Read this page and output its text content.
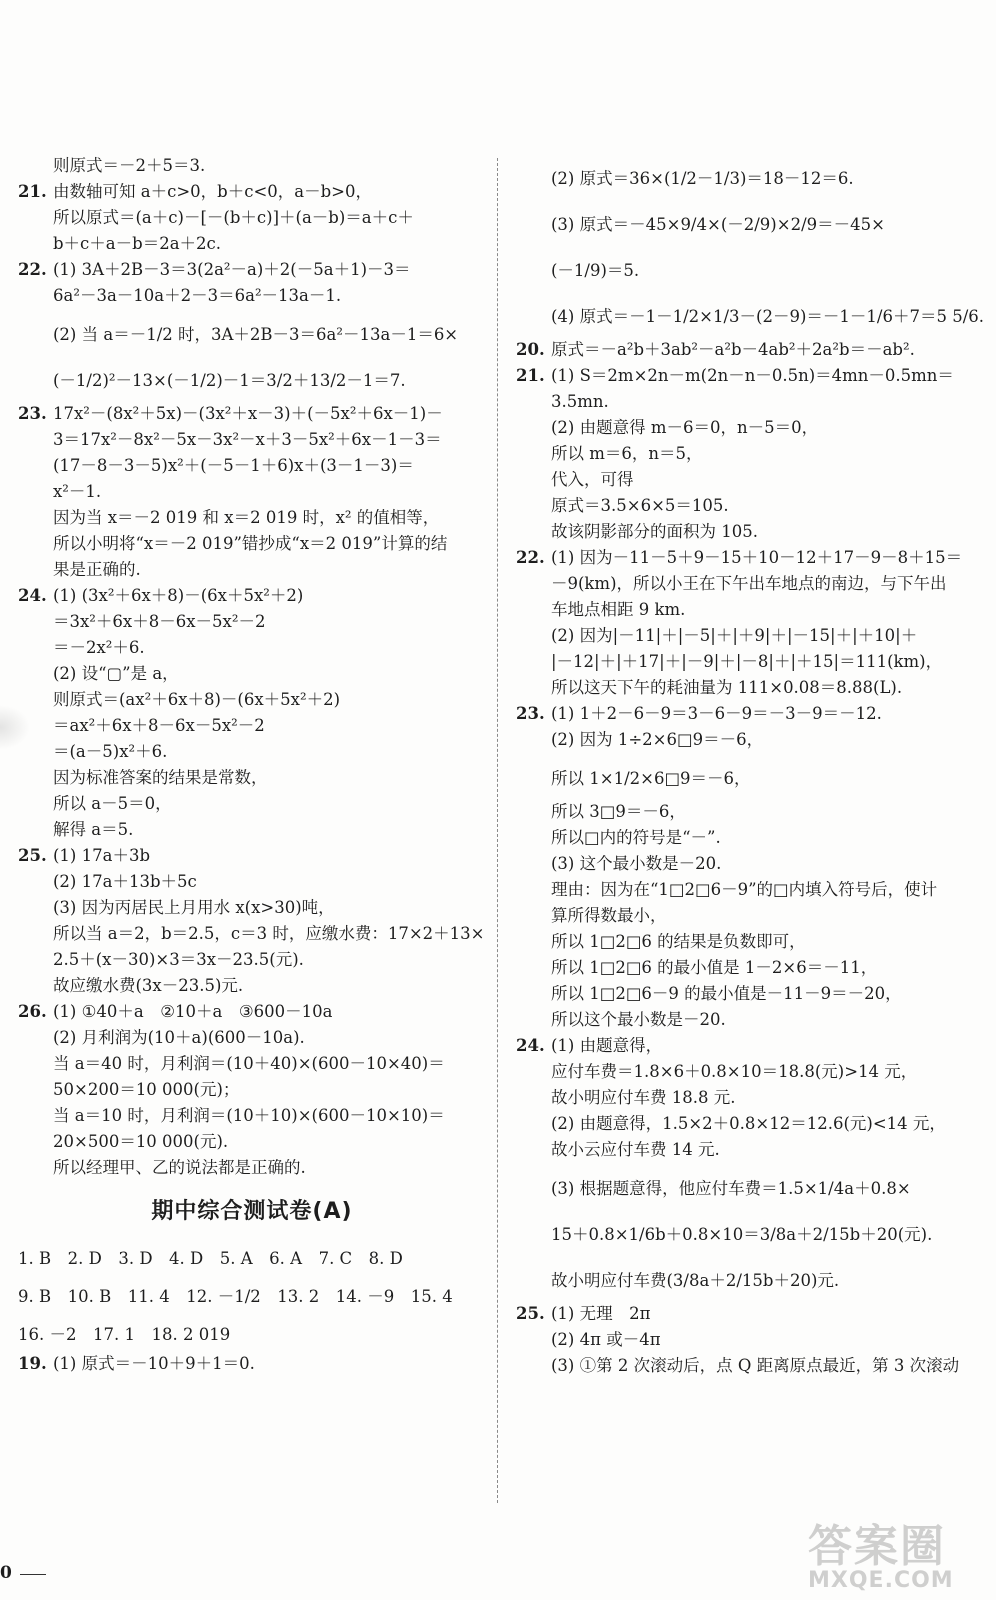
则原式＝－2＋5＝3.
21. 由数轴可知 a＋c>0，b＋c<0，a－b>0，
所以原式＝(a＋c)－[－(b＋c)]＋(a－b)＝a＋c＋
b＋c＋a－b＝2a＋2c.
22. (1) 3A＋2B－3＝3(2a²－a)＋2(－5a＋1)－3＝
6a²－3a－10a＋2－3＝6a²－13a－1.
(2) 当 a＝－1/2 时，3A＋2B－3＝6a²－13a－1＝6×
(－1/2)²－13×(－1/2)－1＝3/2＋13/2－1＝7.
23. 17x²－(8x²＋5x)－(3x²＋x－3)＋(－5x²＋6x－1)－
3＝17x²－8x²－5x－3x²－x＋3－5x²＋6x－1－3＝
(17－8－3－5)x²＋(－5－1＋6)x＋(3－1－3)＝
x²－1.
因为当 x＝－2 019 和 x＝2 019 时，x² 的值相等，
所以小明将“x＝－2 019”错抄成“x＝2 019”计算的结
果是正确的.
24. (1) (3x²＋6x＋8)－(6x＋5x²＋2)
＝3x²＋6x＋8－6x－5x²－2
＝－2x²＋6.
(2) 设“▢”是 a，
则原式＝(ax²＋6x＋8)－(6x＋5x²＋2)
＝ax²＋6x＋8－6x－5x²－2
＝(a－5)x²＋6.
因为标准答案的结果是常数，
所以 a－5＝0，
解得 a＝5.
25. (1) 17a＋3b
(2) 17a＋13b＋5c
(3) 因为丙居民上月用水 x(x>30)吨，
所以当 a＝2，b＝2.5，c＝3 时，应缴水费：17×2＋13×
2.5＋(x－30)×3＝3x－23.5(元).
故应缴水费(3x－23.5)元.
26. (1) ①40＋a　②10＋a　③600－10a
(2) 月利润为(10＋a)(600－10a).
当 a＝40 时，月利润＝(10＋40)×(600－10×40)＝
50×200＝10 000(元)；
当 a＝10 时，月利润＝(10＋10)×(600－10×10)＝
20×500＝10 000(元).
所以经理甲、乙的说法都是正确的.
期中综合测试卷(A)
1. B　2. D　3. D　4. D　5. A　6. A　7. C　8. D
9. B　10. B　11. 4　12. －1/2　13. 2　14. －9　15. 4
16. －2　17. 1　18. 2 019
19. (1) 原式＝－10＋9＋1＝0.
(2) 原式＝36×(1/2－1/3)＝18－12＝6.
(3) 原式＝－45×9/4×(－2/9)×2/9＝－45×
(－1/9)＝5.
(4) 原式＝－1－1/2×1/3－(2－9)＝－1－1/6＋7＝5 5/6.
20. 原式＝－a²b＋3ab²－a²b－4ab²＋2a²b＝－ab².
21. (1) S＝2m×2n－m(2n－n－0.5n)＝4mn－0.5mn＝
3.5mn.
(2) 由题意得 m－6＝0，n－5＝0，
所以 m＝6，n＝5，
代入，可得
原式＝3.5×6×5＝105.
故该阴影部分的面积为 105.
22. (1) 因为－11－5＋9－15＋10－12＋17－9－8＋15＝
－9(km)，所以小王在下午出车地点的南边，与下午出
车地点相距 9 km.
(2) 因为|－11|＋|－5|＋|＋9|＋|－15|＋|＋10|＋
|－12|＋|＋17|＋|－9|＋|－8|＋|＋15|＝111(km)，
所以这天下午的耗油量为 111×0.08＝8.88(L).
23. (1) 1＋2－6－9＝3－6－9＝－3－9＝－12.
(2) 因为 1÷2×6□9＝－6，
所以 1×1/2×6□9＝－6，
所以 3□9＝－6，
所以□内的符号是“－”.
(3) 这个最小数是－20.
理由：因为在“1□2□6－9”的□内填入符号后，使计
算所得数最小，
所以 1□2□6 的结果是负数即可，
所以 1□2□6 的最小值是 1－2×6＝－11，
所以 1□2□6－9 的最小值是－11－9＝－20，
所以这个最小数是－20.
24. (1) 由题意得，
应付车费＝1.8×6＋0.8×10＝18.8(元)>14 元，
故小明应付车费 18.8 元.
(2) 由题意得，1.5×2＋0.8×12＝12.6(元)<14 元，
故小云应付车费 14 元.
(3) 根据题意得，他应付车费＝1.5×1/4a＋0.8×
15＋0.8×1/6b＋0.8×10＝3/8a＋2/15b＋20(元).
故小明应付车费(3/8a＋2/15b＋20)元.
25. (1) 无理　2π
(2) 4π 或－4π
(3) ①第 2 次滚动后，点 Q 距离原点最近，第 3 次滚动
0
答案圈
MXQE.COM
